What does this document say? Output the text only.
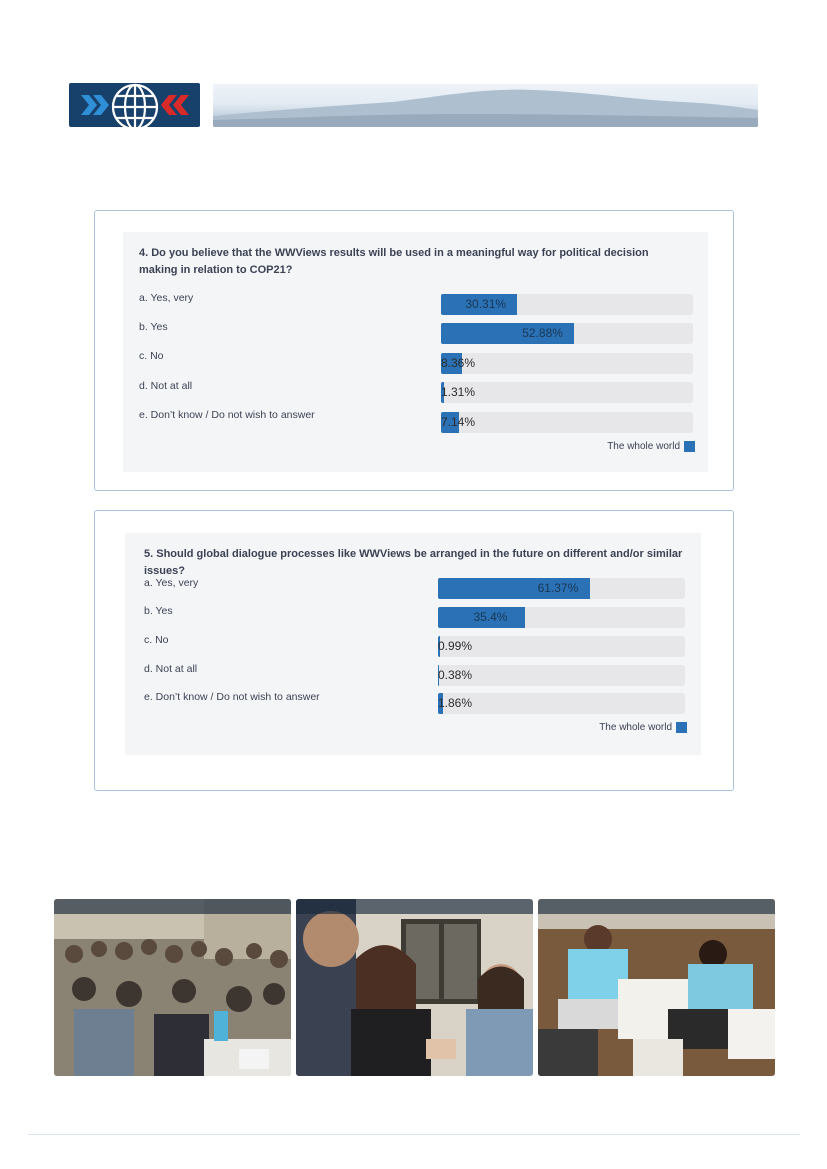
4. Do you believe that the WWViews results will be used in a meaningful way for political decision making in relation to COP21?

a. Yes, very
b. Yes
c. No
d. Not at all
e. Don’t know / Do not wish to answer
30.31%
52.88%
8.36%
1.31%
7.14%
The whole world

5. Should global dialogue processes like WWViews be arranged in the future on different and/or similar issues?

a. Yes, very
b. Yes
c. No
d. Not at all
e. Don’t know / Do not wish to answer
61.37%
35.4%
0.99%
0.38%
1.86%
The whole world
